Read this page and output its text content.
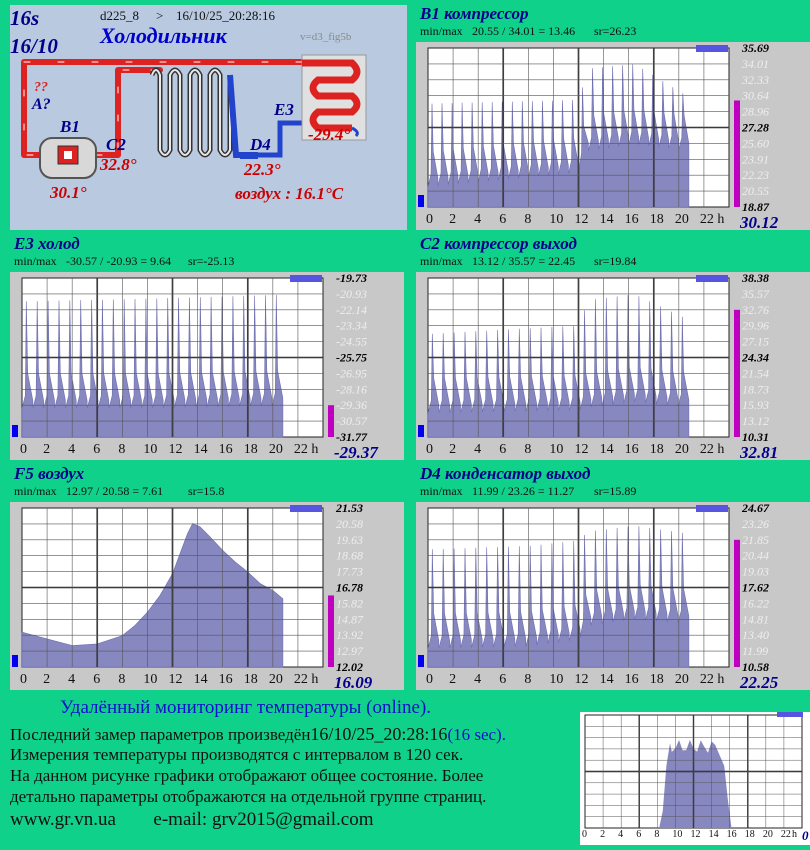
16s
16/10
d225_8 > 16/10/25_20:28:16
Холодильник	v=d3_fig5b
??
A?
B1
C2	D4
E3
30.1°
32.8°	22.3°
-29.4°
воздух : 16.1°C
B1 компрессор
min/max 20.55 / 34.01 = 13.46 sr=26.23
35.69
34.01
32.33
30.64
28.96
27.28
25.60
23.91
22.23
20.55
18.87
0 2 4 6 8 10 12 14 16 18 20 22 h 30.12
E3 холод
min/max -30.57 / -20.93 = 9.64 sr=-25.13
-19.73
-20.93
-22.14
-23.34
-24.55
-25.75
-26.95
-28.16
-29.36
-30.57
-31.77
0 2 4 6 8 10 12 14 16 18 20 22 h -29.37
C2 компрессор выход
min/max 13.12 / 35.57 = 22.45 sr=19.84
38.38
35.57
32.76
29.96
27.15
24.34
21.54
18.73
15.93
13.12
10.31
0 2 4 6 8 10 12 14 16 18 20 22 h 32.81
F5 воздух
min/max 12.97 / 20.58 = 7.61 sr=15.8
21.53
20.58
19.63
18.68
17.73
16.78
15.82
14.87
13.92
12.97
12.02
0 2 4 6 8 10 12 14 16 18 20 22 h 16.09
D4 конденсатор выход
min/max 11.99 / 23.26 = 11.27 sr=15.89
24.67
23.26
21.85
20.44
19.03
17.62
16.22
14.81
13.40
11.99
10.58
0 2 4 6 8 10 12 14 16 18 20 22 h 22.25
0 2 4 6 8 10 12 14 16 18 20 22 h 0
Удалённый мониторинг температуры (online).
Последний замер параметров произведён16/10/25_20:28:16(16 sec).
Измерения температуры производятся с интервалом в 120 сек.
На данном рисунке графики отображают общее состояние. Более
детально параметры отображаются на отдельной группе страниц.
www.gr.vn.ua e-mail: grv2015@gmail.com
